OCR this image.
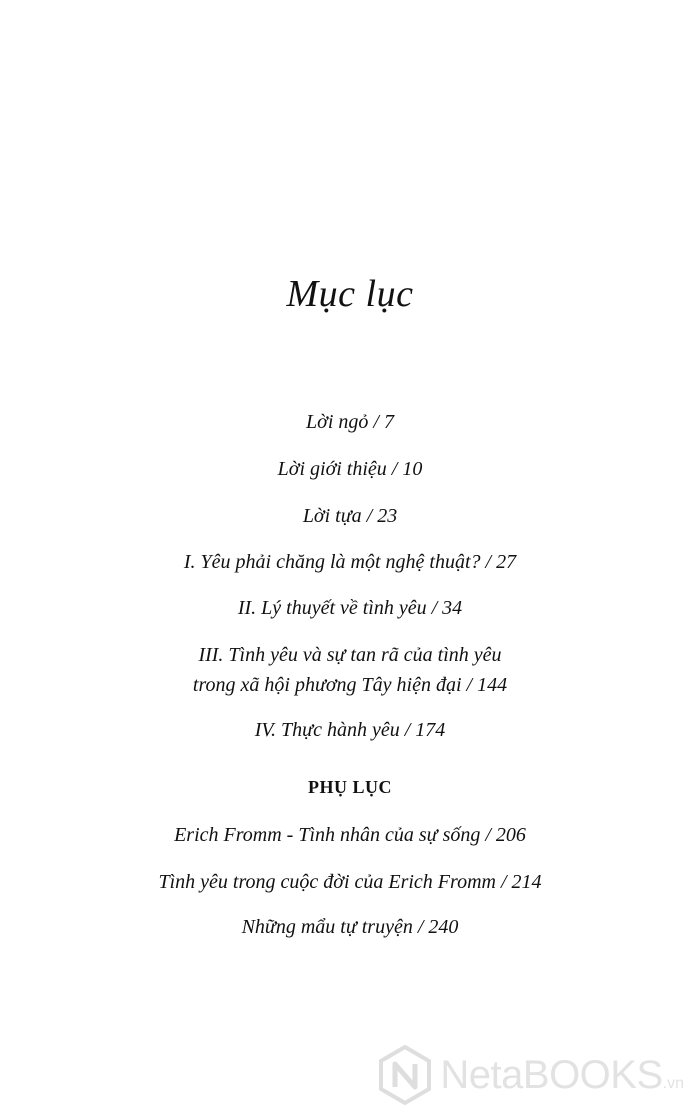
Mục lục
Lời ngỏ / 7
Lời giới thiệu / 10
Lời tựa / 23
I. Yêu phải chăng là một nghệ thuật? / 27
II. Lý thuyết về tình yêu / 34
III. Tình yêu và sự tan rã của tình yêu
trong xã hội phương Tây hiện đại / 144
IV. Thực hành yêu / 174
PHỤ LỤC
Erich Fromm - Tình nhân của sự sống / 206
Tình yêu trong cuộc đời của Erich Fromm / 214
Những mẩu tự truyện / 240
NetaBOOKS.vn
